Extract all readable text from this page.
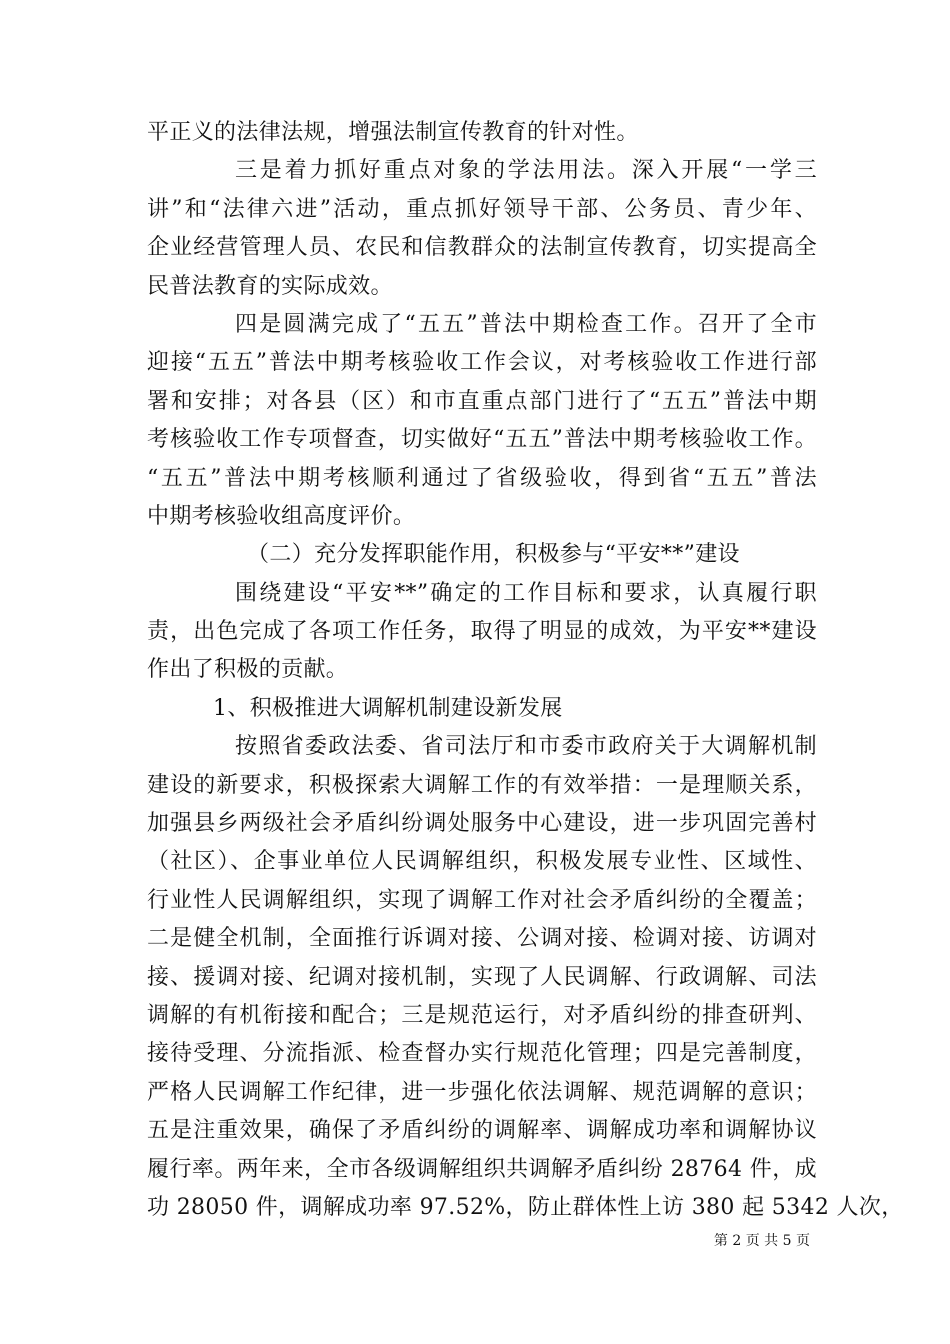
平正义的法律法规，增强法制宣传教育的针对性。
三是着力抓好重点对象的学法用法。深入开展“一学三
讲”和“法律六进”活动，重点抓好领导干部、公务员、青少年、
企业经营管理人员、农民和信教群众的法制宣传教育，切实提高全
民普法教育的实际成效。
四是圆满完成了“五五”普法中期检查工作。召开了全市
迎接“五五”普法中期考核验收工作会议，对考核验收工作进行部
署和安排；对各县（区）和市直重点部门进行了“五五”普法中期
考核验收工作专项督查，切实做好“五五”普法中期考核验收工作。
“五五”普法中期考核顺利通过了省级验收，得到省“五五”普法
中期考核验收组高度评价。
（二）充分发挥职能作用，积极参与“平安**”建设
围绕建设“平安**”确定的工作目标和要求，认真履行职
责，出色完成了各项工作任务，取得了明显的成效，为平安**建设
作出了积极的贡献。
1、积极推进大调解机制建设新发展
按照省委政法委、省司法厅和市委市政府关于大调解机制
建设的新要求，积极探索大调解工作的有效举措：一是理顺关系，
加强县乡两级社会矛盾纠纷调处服务中心建设，进一步巩固完善村
（社区）、企事业单位人民调解组织，积极发展专业性、区域性、
行业性人民调解组织，实现了调解工作对社会矛盾纠纷的全覆盖；
二是健全机制，全面推行诉调对接、公调对接、检调对接、访调对
接、援调对接、纪调对接机制，实现了人民调解、行政调解、司法
调解的有机衔接和配合；三是规范运行，对矛盾纠纷的排查研判、
接待受理、分流指派、检查督办实行规范化管理；四是完善制度，
严格人民调解工作纪律，进一步强化依法调解、规范调解的意识；
五是注重效果，确保了矛盾纠纷的调解率、调解成功率和调解协议
履行率。两年来，全市各级调解组织共调解矛盾纠纷 28764 件，成
功 28050 件，调解成功率 97.52%，防止群体性上访 380 起 5342 人次，
第 2 页 共 5 页
